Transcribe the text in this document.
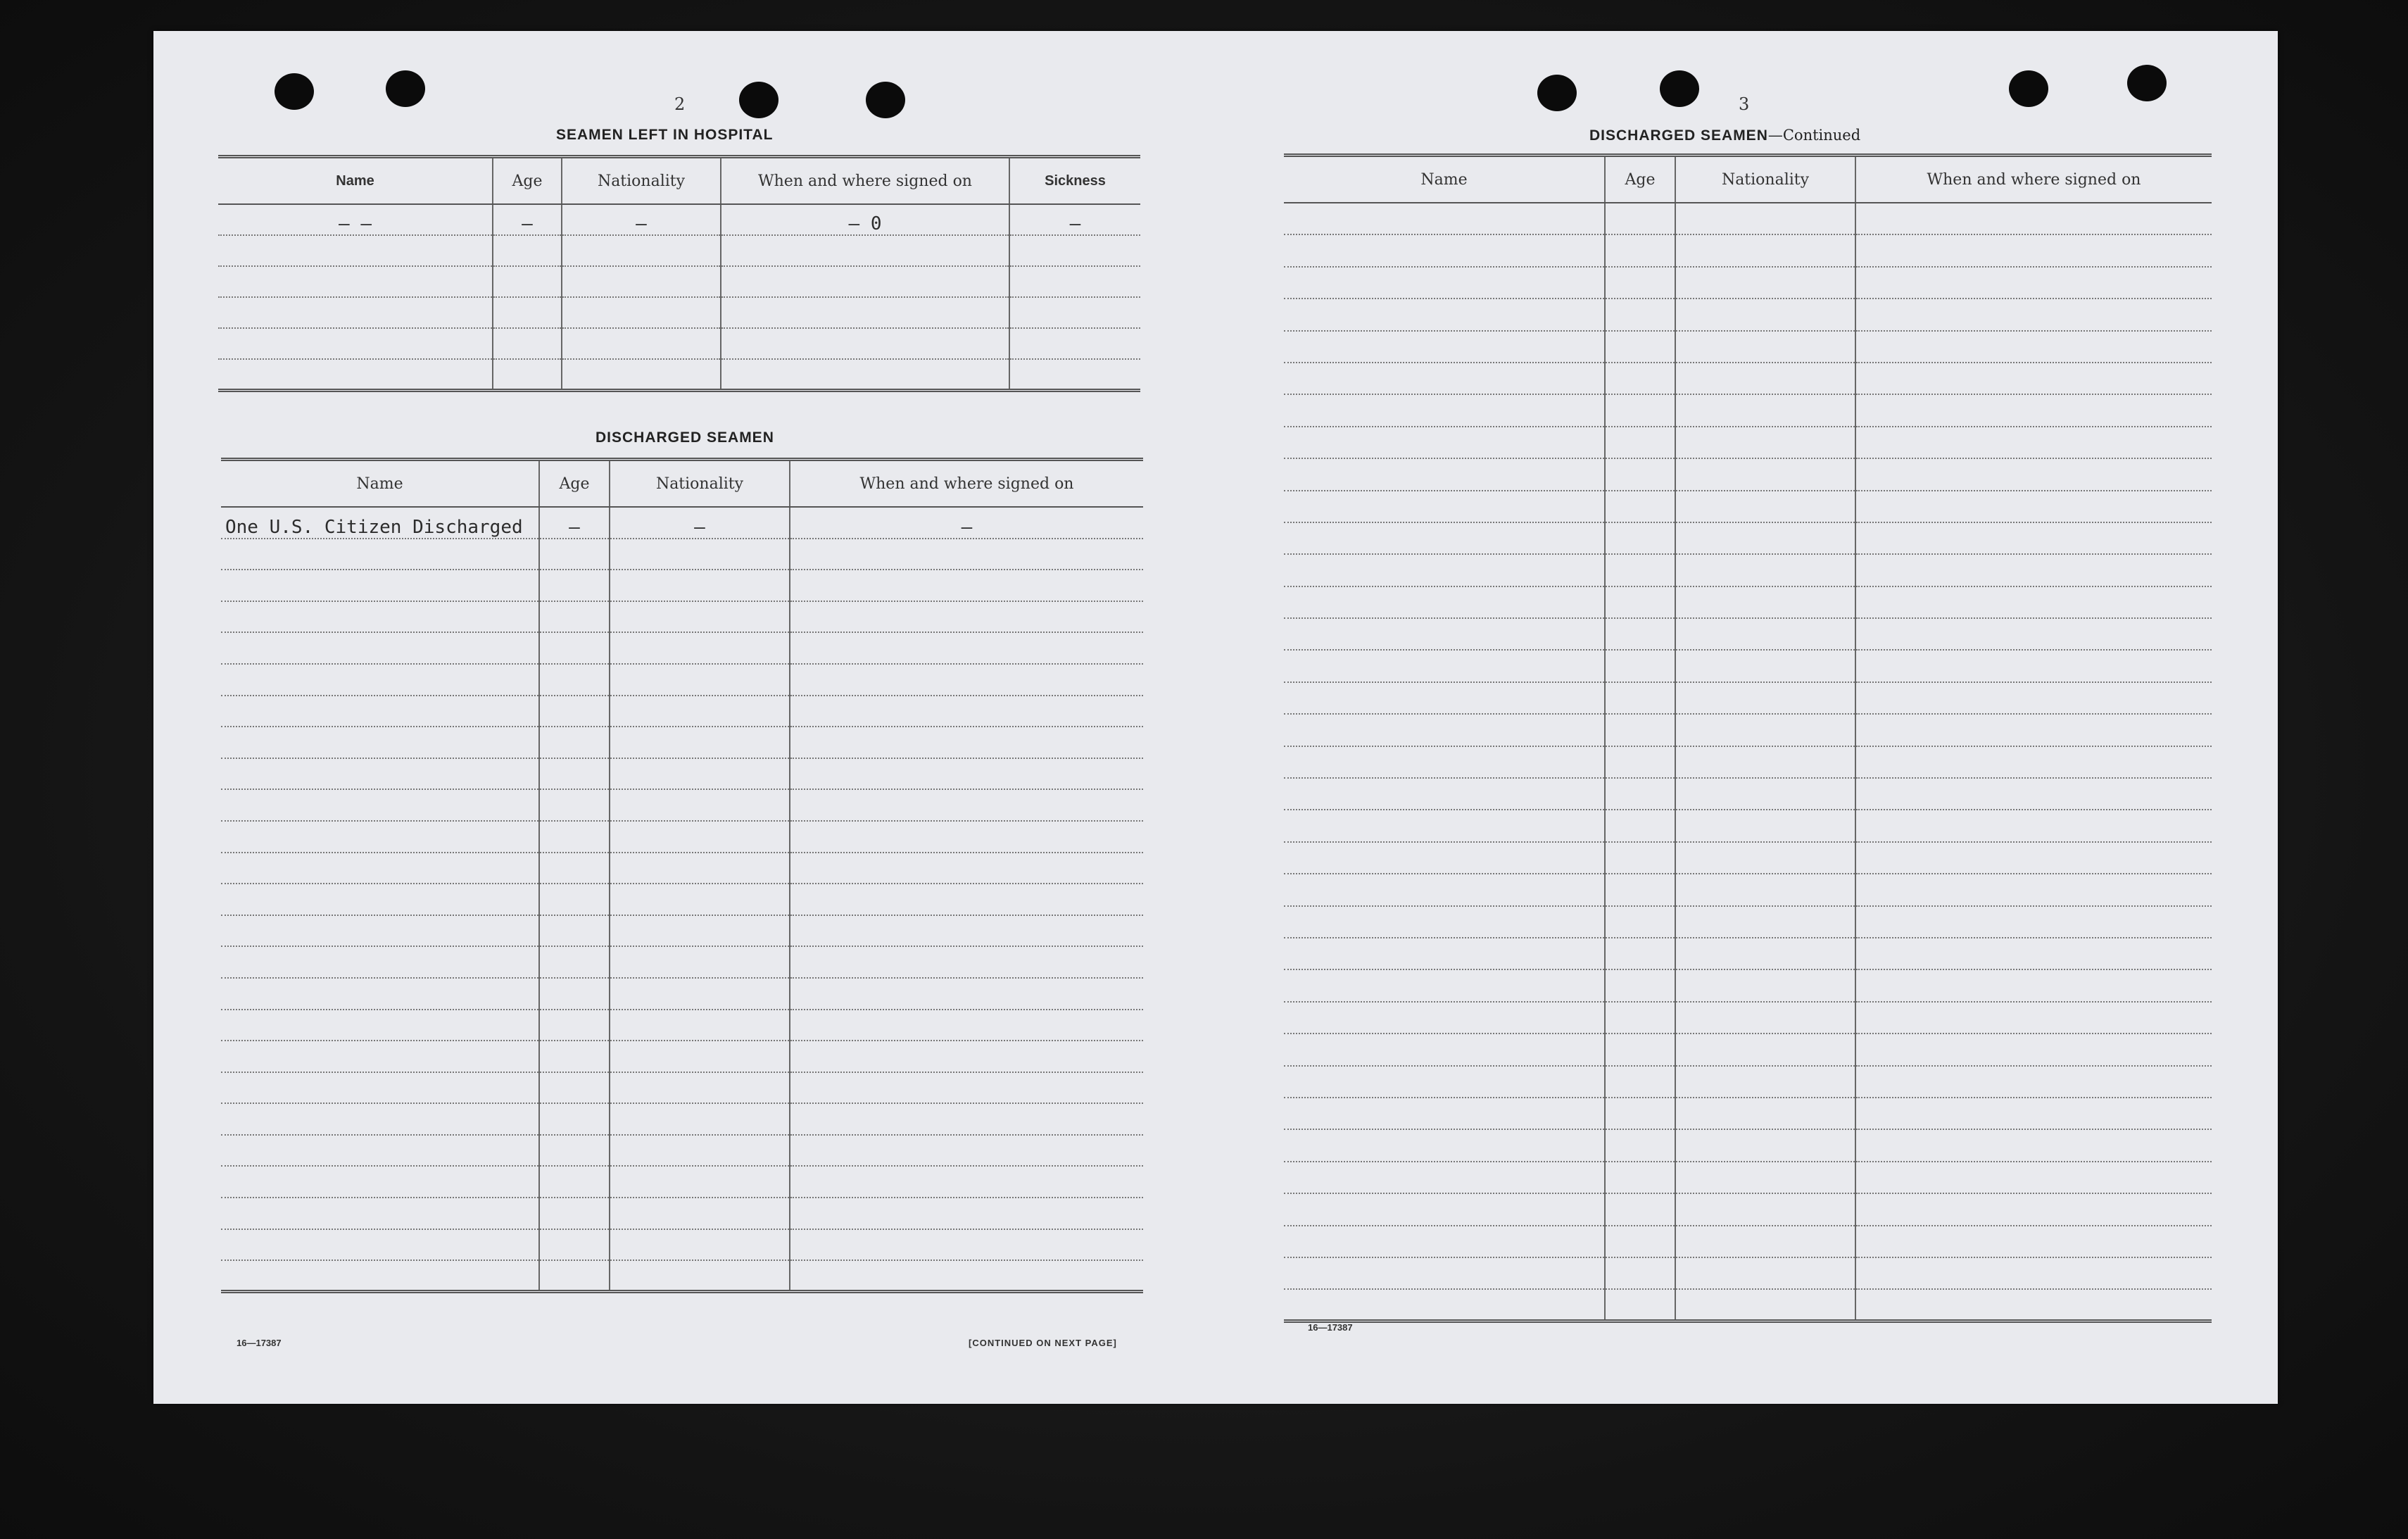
2
SEAMEN LEFT IN HOSPITAL
Name	Age	Nationality	When and where signed on	Sickness
– –	–	–	– 0	–

DISCHARGED SEAMEN
Name	Age	Nationality	When and where signed on
One U.S. Citizen Discharged	–	–	–

16—17387	[CONTINUED ON NEXT PAGE]
3
DISCHARGED SEAMEN—Continued
Name	Age	Nationality	When and where signed on

16—17387
